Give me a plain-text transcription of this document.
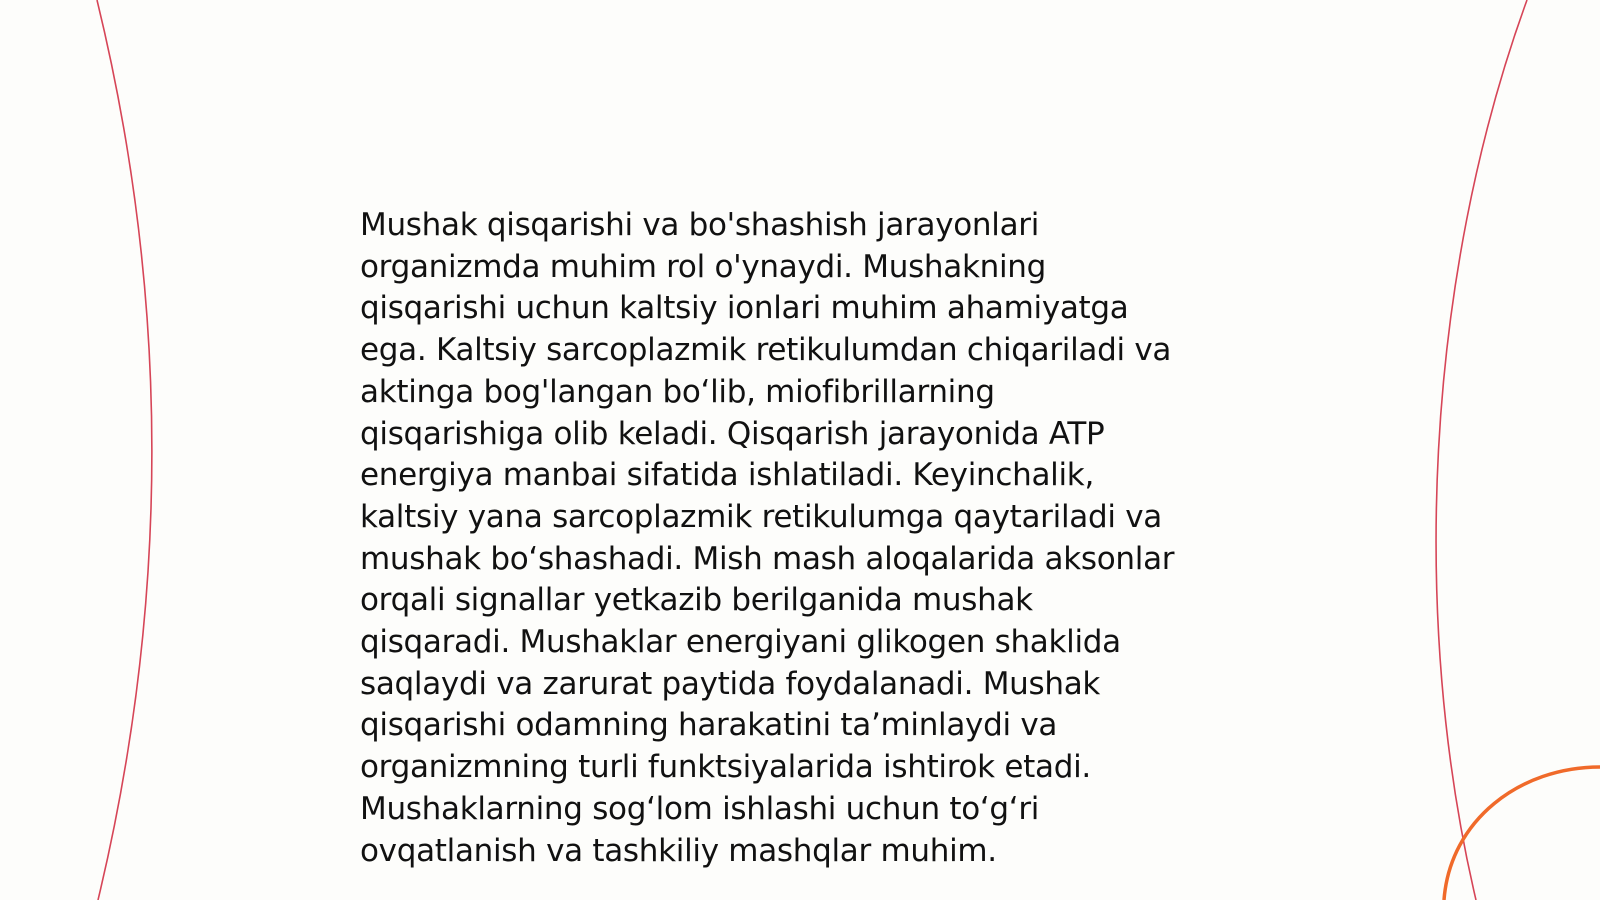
Mushak qisqarishi va bo'shashish jarayonlari
organizmda muhim rol o'ynaydi. Mushakning
qisqarishi uchun kaltsiy ionlari muhim ahamiyatga
ega. Kaltsiy sarcoplazmik retikulumdan chiqariladi va
aktinga bog'langan bo‘lib, miofibrillarning
qisqarishiga olib keladi. Qisqarish jarayonida ATP
energiya manbai sifatida ishlatiladi. Keyinchalik,
kaltsiy yana sarcoplazmik retikulumga qaytariladi va
mushak bo‘shashadi. Mish mash aloqalarida aksonlar
orqali signallar yetkazib berilganida mushak
qisqaradi. Mushaklar energiyani glikogen shaklida
saqlaydi va zarurat paytida foydalanadi. Mushak
qisqarishi odamning harakatini ta’minlaydi va
organizmning turli funktsiyalarida ishtirok etadi.
Mushaklarning sog‘lom ishlashi uchun to‘g‘ri
ovqatlanish va tashkiliy mashqlar muhim.
